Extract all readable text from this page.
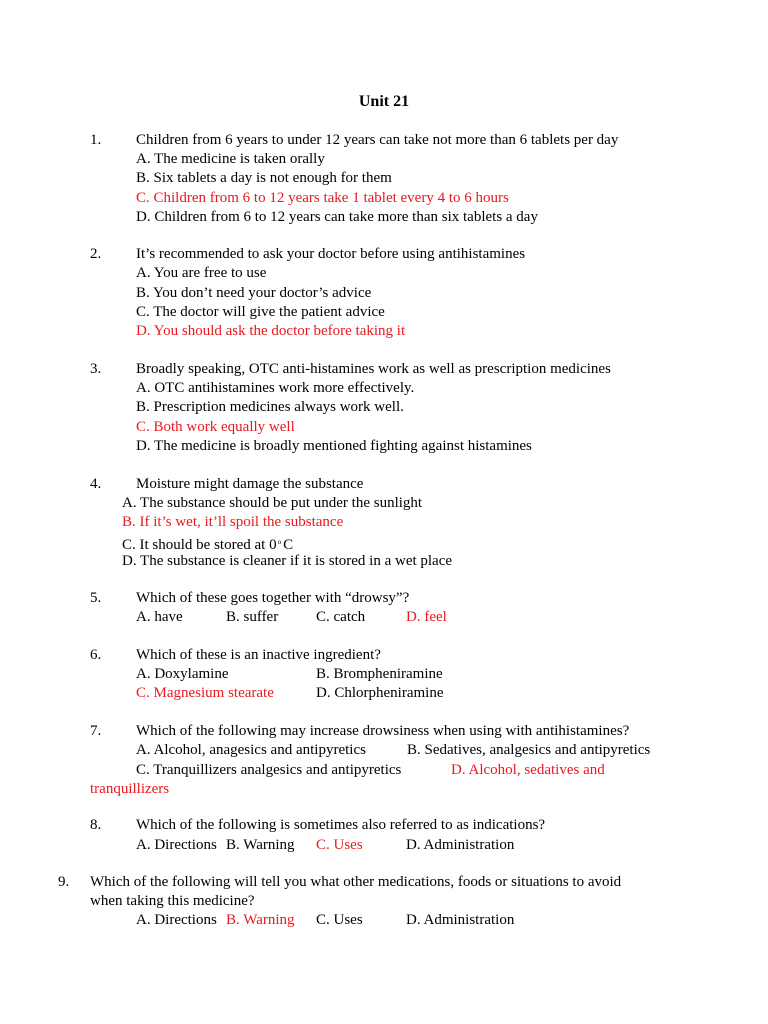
Unit 21
1. Children from 6 years to under 12 years can take not more than 6 tablets per day
A. The medicine is taken orally
B. Six tablets a day is not enough for them
C. Children from 6 to 12 years take 1 tablet every 4 to 6 hours
D. Children from 6 to 12 years can take more than six tablets a day
2. It’s recommended to ask your doctor before using antihistamines
A. You are free to use
B. You don’t need your doctor’s advice
C. The doctor will give the patient advice
D. You should ask the doctor before taking it
3. Broadly speaking, OTC anti-histamines work as well as prescription medicines
A. OTC antihistamines work more effectively.
B. Prescription medicines always work well.
C. Both work equally well
D. The medicine is broadly mentioned fighting against histamines
4. Moisture might damage the substance
A. The substance should be put under the sunlight
B. If it’s wet, it’ll spoil the substance
C. It should be stored at 0$^o$ C
D. The substance is cleaner if it is stored in a wet place
5. Which of these goes together with “drowsy”?
A. have	B. suffer	C. catch	D. feel
6. Which of these is an inactive ingredient?
A. Doxylamine	B. Brompheniramine
C. Magnesium stearate	D. Chlorpheniramine
7. Which of the following may increase drowsiness when using with antihistamines?
A. Alcohol, anagesics and antipyretics	B. Sedatives, analgesics and antipyretics
C. Tranquillizers analgesics and antipyretics	D. Alcohol, sedatives and
tranquillizers
8. Which of the following is sometimes also referred to as indications?
A. Directions B. Warning C. Uses	D. Administration
9. Which of the following will tell you what other medications, foods or situations to avoid
when taking this medicine?
A. Directions B. Warning C. Uses	D. Administration
